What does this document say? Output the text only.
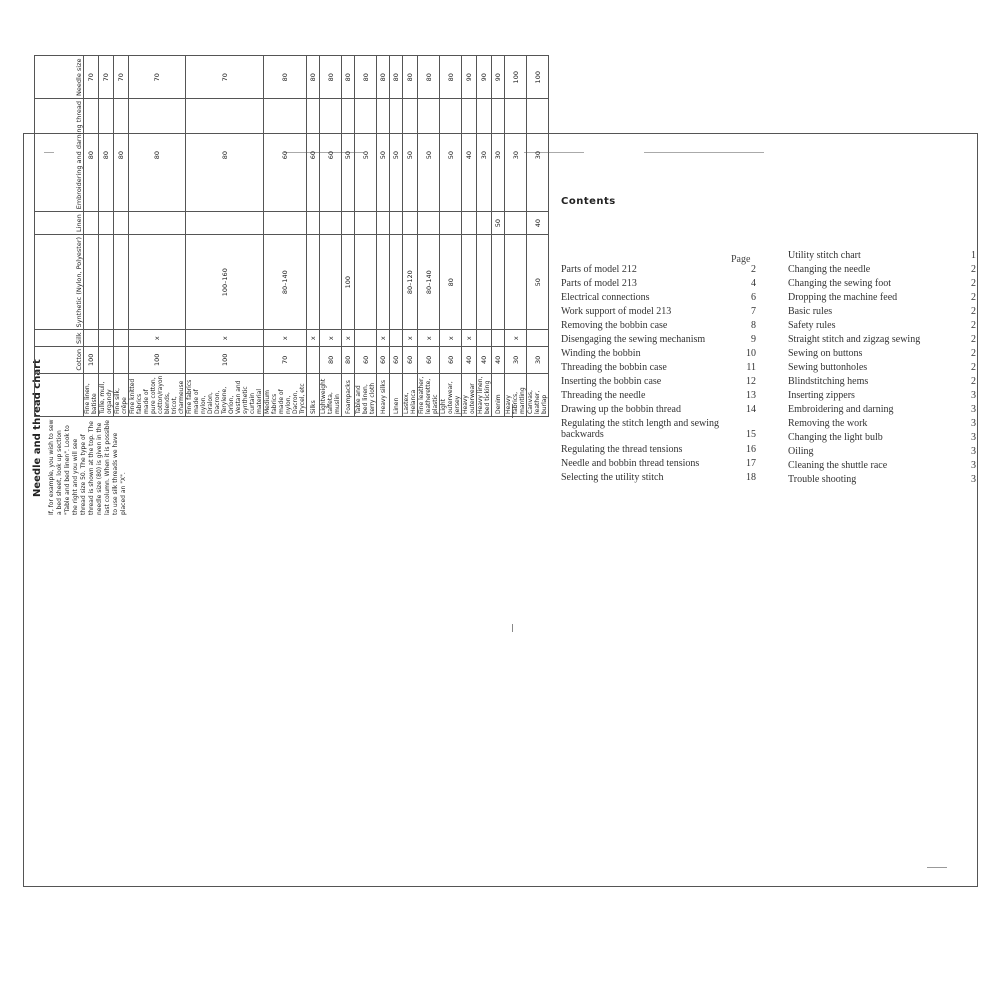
Needle and thread chart If, for example, you wish to sew a bed sheet, look up section "Table and bed linen". Look to the right and you will see thread size 50. The type of thread is shown at the top. The needle size (80) is given in the last column. When it is possible to use silk threads we have placed an "X".
	Cotton	Silk	Synthetic (Nylon, Polyester)	Linen	Embroidering and darning thread	Needle size
Fine linen, batiste	100				80	70
Tulle, mull, organdy					80	70
Fine silk, crêpe					80	70
Fine knitted fabrics made of pure cotton, cotton/rayon blends, tricot, charmeuse	100	x			80	70
Fine fabrics made of nylon, Dralon, Dacron, Terylene, Orlon, Vestan and synthetic curtain material	100	x	100–160		80	70
Medium fabrics made of nylon, Dacron, Trycel, etc	70	x	80–140		60	80
Silks		x			60	80
Lightweight taffeta, muslin	80	x			60	80
Foampacks	80	x	100		50	80
Table and bed linen, terry cloth	60				50	80
Heavy silks	60	x			50	80
Linen	60				50	80
Lastex, Helanca	60	x	80–120		50	80
Fine leather, leatherette, plastic	60	x	80–140		50	80
Light outerwear, jersey	60	x	80		50	80
Heavy outerwear	40	x			40	90
Heavy linen, bed ticking	40				30	90
Denim	40			50	30	90
Heavy fabrics, mantling	30	x			30	100
Canvas, leather, burlap	30		50	40	30	100
Contents
Page
Parts of model 212	2
Parts of model 213	4
Electrical connections	6
Work support of model 213	7
Removing the bobbin case	8
Disengaging the sewing mechanism	9
Winding the bobbin	10
Threading the bobbin case	11
Inserting the bobbin case	12
Threading the needle	13
Drawing up the bobbin thread	14
Regulating the stitch length and sewing backwards	15
Regulating the thread tensions	16
Needle and bobbin thread tensions	17
Selecting the utility stitch	18
Utility stitch chart	1
Changing the needle	2
Changing the sewing foot	2
Dropping the machine feed	2
Basic rules	2
Safety rules	2
Straight stitch and zigzag sewing	2
Sewing on buttons	2
Sewing buttonholes	2
Blindstitching hems	2
Inserting zippers	3
Embroidering and darning	3
Removing the work	3
Changing the light bulb	3
Oiling	3
Cleaning the shuttle race	3
Trouble shooting	3
